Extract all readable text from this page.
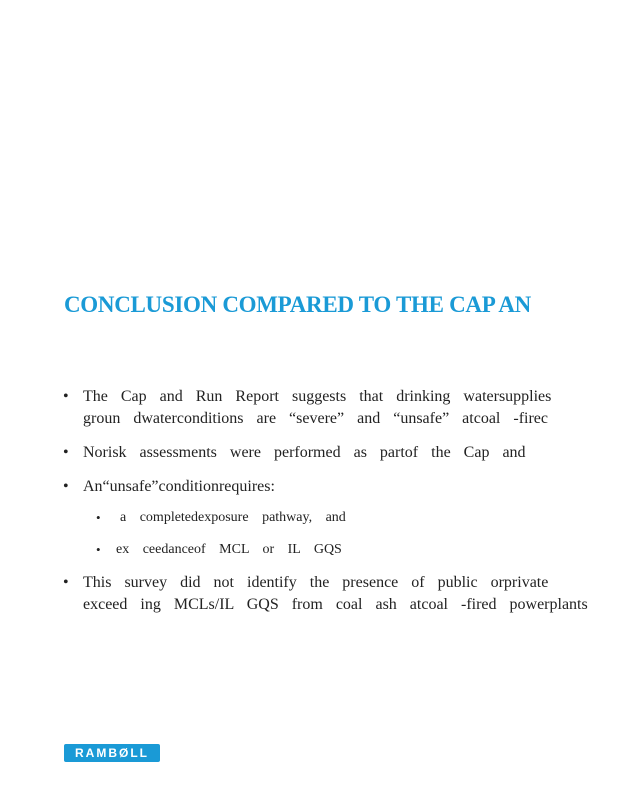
CONCLUSION COMPARED TO THE CAP AN
• The Cap and Run Report suggests that drinking watersupplies
groun dwaterconditions are “severe” and “unsafe” atcoal -firec
• Norisk assessments were performed as partof the Cap and
• An“unsafe”conditionrequires:
• a completedexposure pathway, and
• ex ceedanceof MCL or IL GQS
• This survey did not identify the presence of public orprivate
exceed ing MCLs/IL GQS from coal ash atcoal -fired powerplants
RAMBØLL
